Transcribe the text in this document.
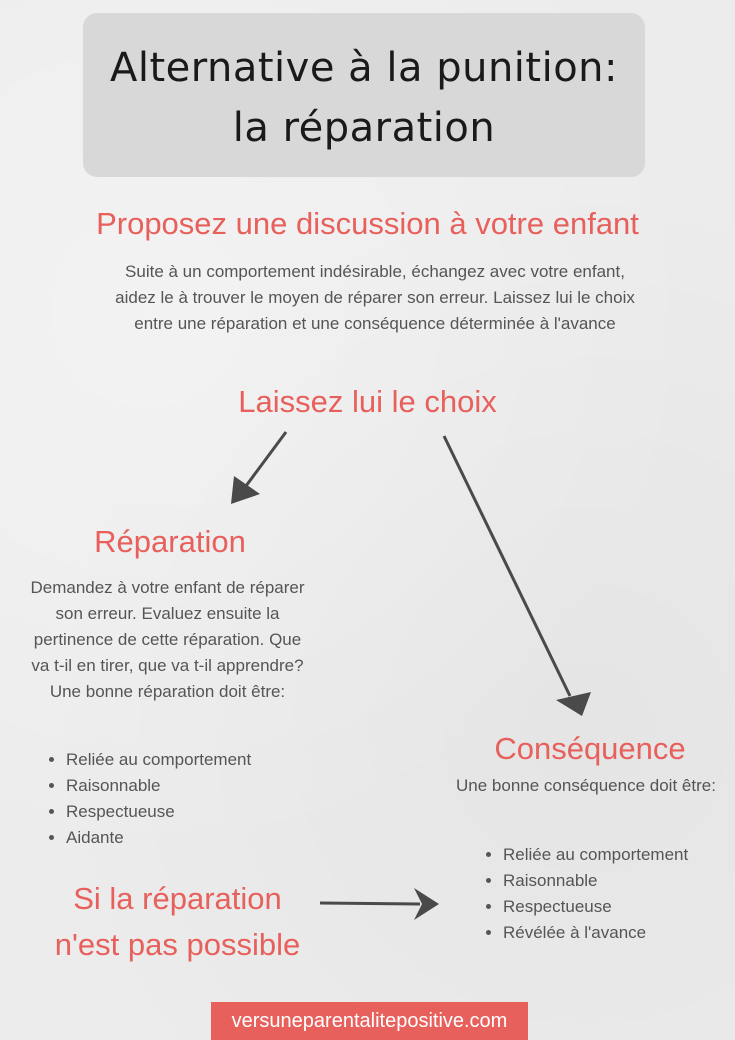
Alternative à la punition:
la réparation
Proposez une discussion à votre enfant
Suite à un comportement indésirable, échangez avec votre enfant, aidez le à trouver le moyen de réparer son erreur. Laissez lui le choix entre une réparation et une conséquence déterminée à l'avance
Laissez lui le choix
Réparation
Demandez à votre enfant de réparer son erreur. Evaluez ensuite la pertinence de cette réparation. Que va t-il en tirer, que va t-il apprendre? Une bonne réparation doit être:
• Reliée au comportement
• Raisonnable
• Respectueuse
• Aidante
Conséquence
Une bonne conséquence doit être:
• Reliée au comportement
• Raisonnable
• Respectueuse
• Révélée à l'avance
Si la réparation
n'est pas possible
versuneparentalitepositive.com
